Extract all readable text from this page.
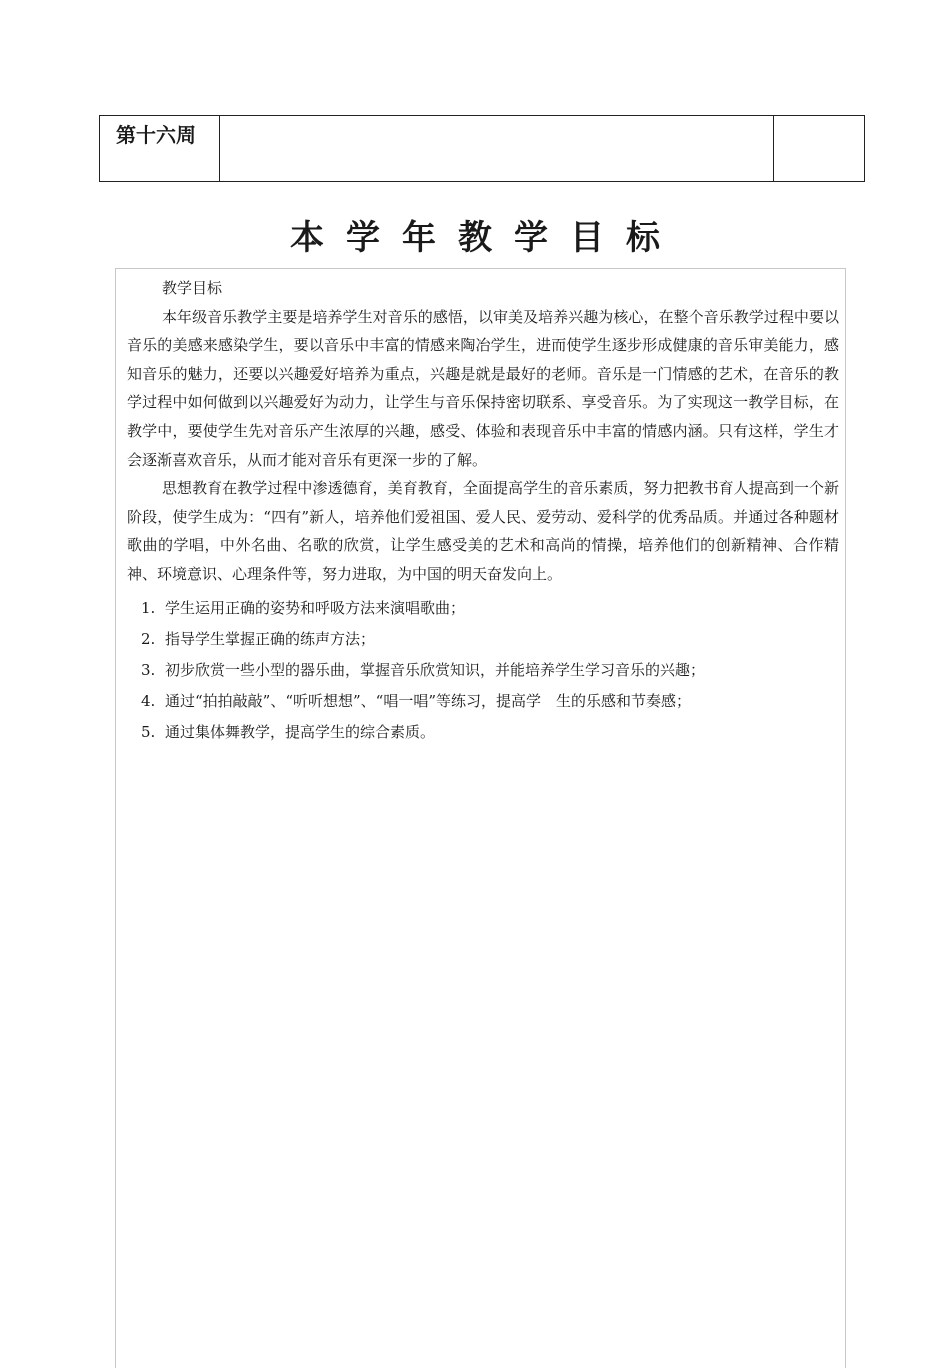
第十六周		
本学年教学目标

教学目标

本年级音乐教学主要是培养学生对音乐的感悟，以审美及培养兴趣为核心，在整个音乐教学过程中要以音乐的美感来感染学生，要以音乐中丰富的情感来陶冶学生，进而使学生逐步形成健康的音乐审美能力，感知音乐的魅力，还要以兴趣爱好培养为重点，兴趣是就是最好的老师。音乐是一门情感的艺术，在音乐的教学过程中如何做到以兴趣爱好为动力，让学生与音乐保持密切联系、享受音乐。为了实现这一教学目标，在教学中，要使学生先对音乐产生浓厚的兴趣，感受、体验和表现音乐中丰富的情感内涵。只有这样，学生才会逐渐喜欢音乐，从而才能对音乐有更深一步的了解。

思想教育在教学过程中渗透德育，美育教育，全面提高学生的音乐素质，努力把教书育人提高到一个新阶段，使学生成为：“四有”新人，培养他们爱祖国、爱人民、爱劳动、爱科学的优秀品质。并通过各种题材歌曲的学唱，中外名曲、名歌的欣赏，让学生感受美的艺术和高尚的情操，培养他们的创新精神、合作精神、环境意识、心理条件等，努力进取，为中国的明天奋发向上。

1. 学生运用正确的姿势和呼吸方法来演唱歌曲；
2. 指导学生掌握正确的练声方法；
3. 初步欣赏一些小型的器乐曲，掌握音乐欣赏知识，并能培养学生学习音乐的兴趣；
4. 通过“拍拍敲敲”、“听听想想”、“唱一唱”等练习，提高学　生的乐感和节奏感；
5. 通过集体舞教学，提高学生的综合素质。
